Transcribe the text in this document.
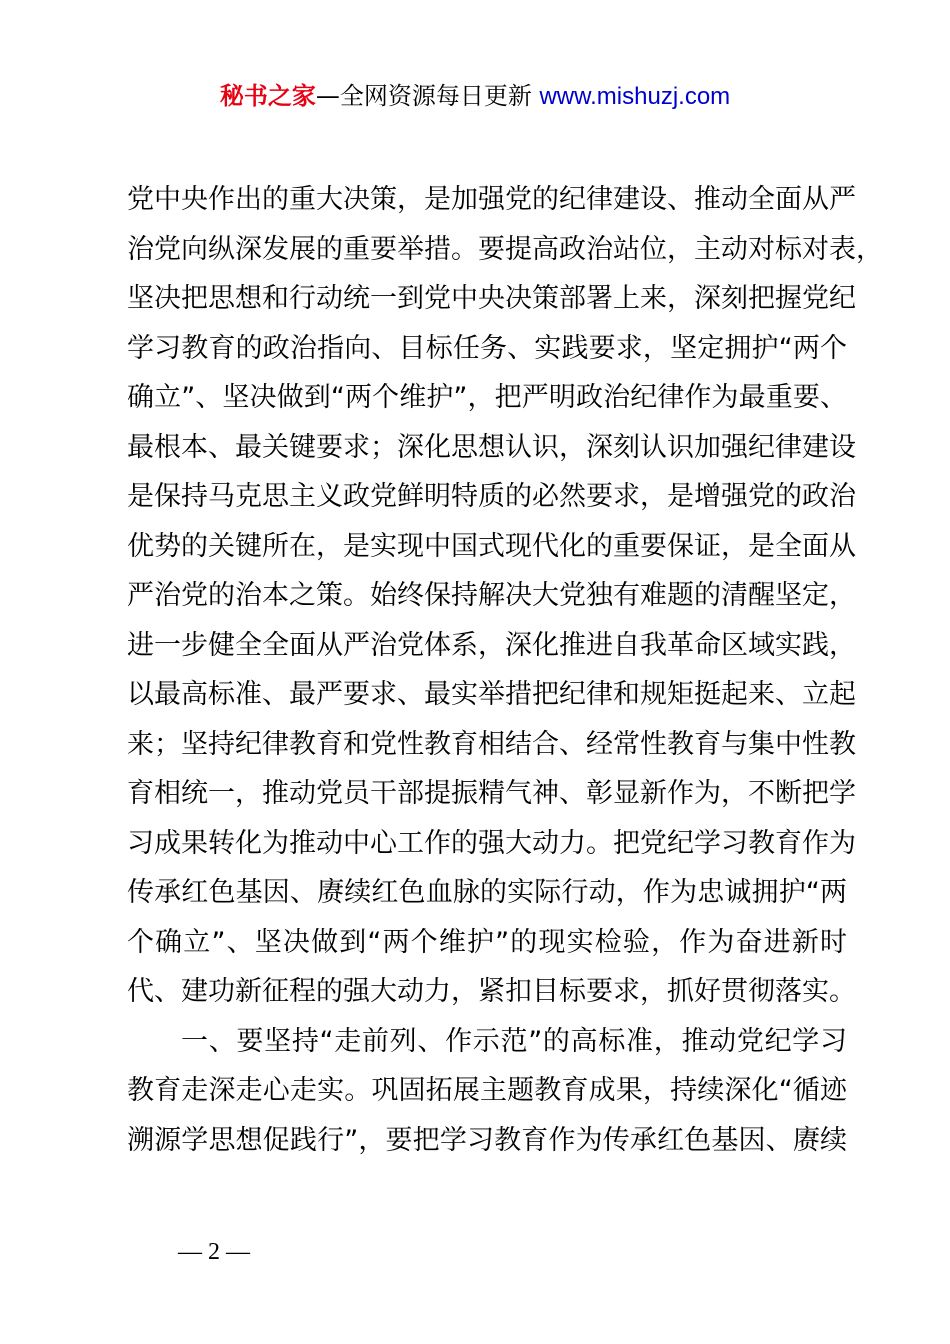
秘书之家—全网资源每日更新 www.mishuzj.com
党中央作出的重大决策，是加强党的纪律建设、推动全面从严
治党向纵深发展的重要举措。要提高政治站位，主动对标对表，
坚决把思想和行动统一到党中央决策部署上来，深刻把握党纪
学习教育的政治指向、目标任务、实践要求，坚定拥护“两个
确立”、坚决做到“两个维护”，把严明政治纪律作为最重要、
最根本、最关键要求；深化思想认识，深刻认识加强纪律建设
是保持马克思主义政党鲜明特质的必然要求，是增强党的政治
优势的关键所在，是实现中国式现代化的重要保证，是全面从
严治党的治本之策。始终保持解决大党独有难题的清醒坚定，
进一步健全全面从严治党体系，深化推进自我革命区域实践，
以最高标准、最严要求、最实举措把纪律和规矩挺起来、立起
来；坚持纪律教育和党性教育相结合、经常性教育与集中性教
育相统一，推动党员干部提振精气神、彰显新作为，不断把学
习成果转化为推动中心工作的强大动力。把党纪学习教育作为
传承红色基因、赓续红色血脉的实际行动，作为忠诚拥护“两
个确立”、坚决做到“两个维护”的现实检验，作为奋进新时
代、建功新征程的强大动力，紧扣目标要求，抓好贯彻落实。
一、要坚持“走前列、作示范”的高标准，推动党纪学习
教育走深走心走实。巩固拓展主题教育成果，持续深化“循迹
溯源学思想促践行”，要把学习教育作为传承红色基因、赓续
— 2 —
